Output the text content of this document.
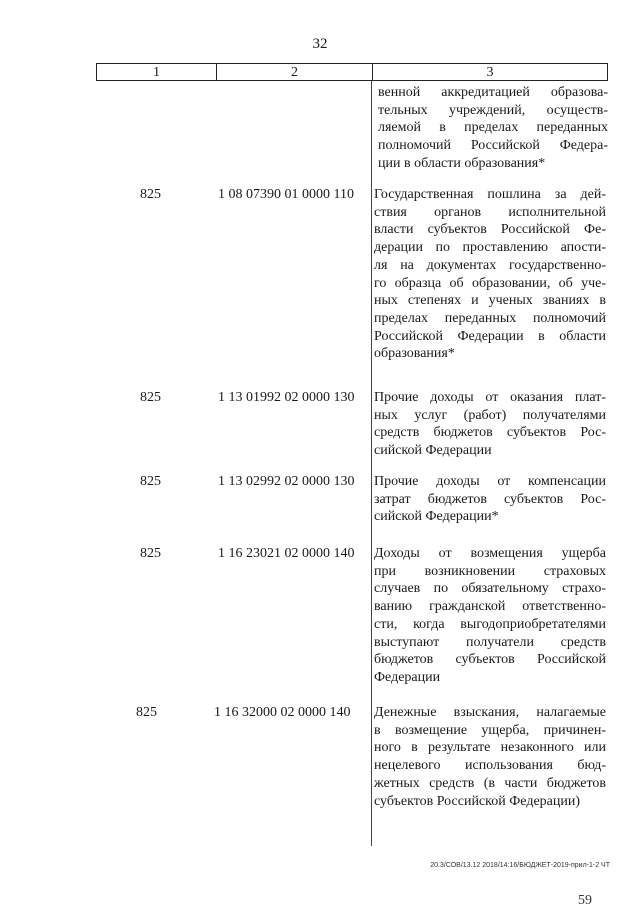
32
1	2	3
венной аккредитацией образова-
тельных учреждений, осуществ-
ляемой в пределах переданных
полномочий Российской Федера-
ции в области образования*
825	1 08 07390 01 0000 110	Государственная пошлина за дей-
ствия органов исполнительной
власти субъектов Российской Фе-
дерации по проставлению апости-
ля на документах государственно-
го образца об образовании, об уче-
ных степенях и ученых званиях в
пределах переданных полномочий
Российской Федерации в области
образования*
825	1 13 01992 02 0000 130	Прочие доходы от оказания плат-
ных услуг (работ) получателями
средств бюджетов субъектов Рос-
сийской Федерации
825	1 13 02992 02 0000 130	Прочие доходы от компенсации
затрат бюджетов субъектов Рос-
сийской Федерации*
825	1 16 23021 02 0000 140	Доходы от возмещения ущерба
при возникновении страховых
случаев по обязательному страхо-
ванию гражданской ответственно-
сти, когда выгодоприобретателями
выступают получатели средств
бюджетов субъектов Российской
Федерации
825	1 16 32000 02 0000 140	Денежные взыскания, налагаемые
в возмещение ущерба, причинен-
ного в результате незаконного или
нецелевого использования бюд-
жетных средств (в части бюджетов
субъектов Российской Федерации)
20.3/СОВ/13.12 2018/14:16/БЮДЖЕТ-2019-прил-1-2 ЧТ
59
